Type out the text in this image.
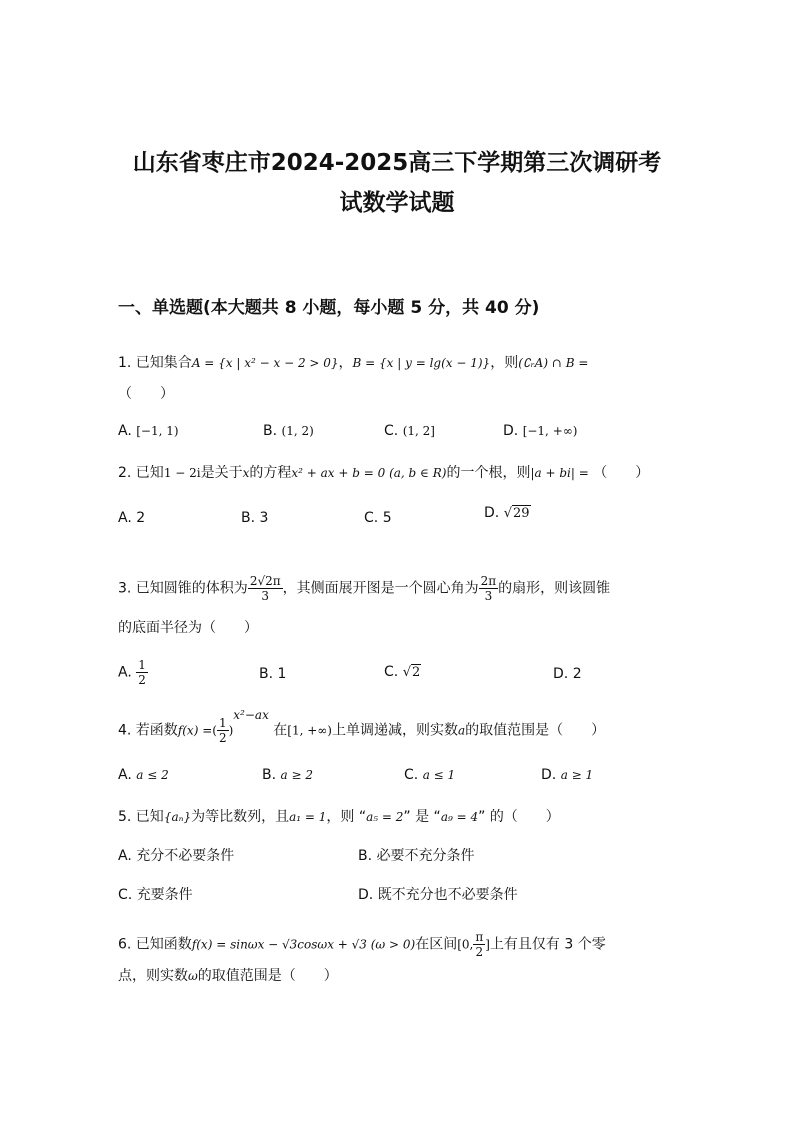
山东省枣庄市2024-2025高三下学期第三次调研考
试数学试题
一、单选题(本大题共 8 小题，每小题 5 分，共 40 分)
1. 已知集合A = {x | x² − x − 2 > 0}，B = {x | y = lg(x − 1)}，则(∁ᵣA) ∩ B =
（　　）
A. [−1, 1)	B. (1, 2)	C. (1, 2]	D. [−1, +∞)
2. 已知1 − 2i是关于x的方程x² + ax + b = 0 (a, b ∈ R)的一个根，则|a + bi| = （　　）
A. 2	B. 3	C. 5	D. √29
3. 已知圆锥的体积为 $\frac{2√2\pi}{3}$ ，其侧面展开图是一个圆心角为 $\frac{2\pi}{3}$ 的扇形，则该圆锥
的底面半径为（　　）
A. $\frac{1}{2}$	B. 1	C. √2	D. 2
4. 若函数f(x) =( $\frac{1}{2} )^{x^2-ax}$ 在[1, +∞)上单调递减，则实数a的取值范围是（　　）
A. a ≤ 2	B. a ≥ 2	C. a ≤ 1	D. a ≥ 1
5. 已知{aₙ}为等比数列，且a₁ = 1，则 “a₅ = 2” 是 “a₉ = 4” 的（　　）
A. 充分不必要条件	B. 必要不充分条件
C. 充要条件	D. 既不充分也不必要条件
6. 已知函数f(x) = sinωx − √3cosωx + √3 (ω > 0)在区间[0, $\frac{\pi}{2}$ ]上有且仅有 3 个零
点，则实数ω的取值范围是（　　）
